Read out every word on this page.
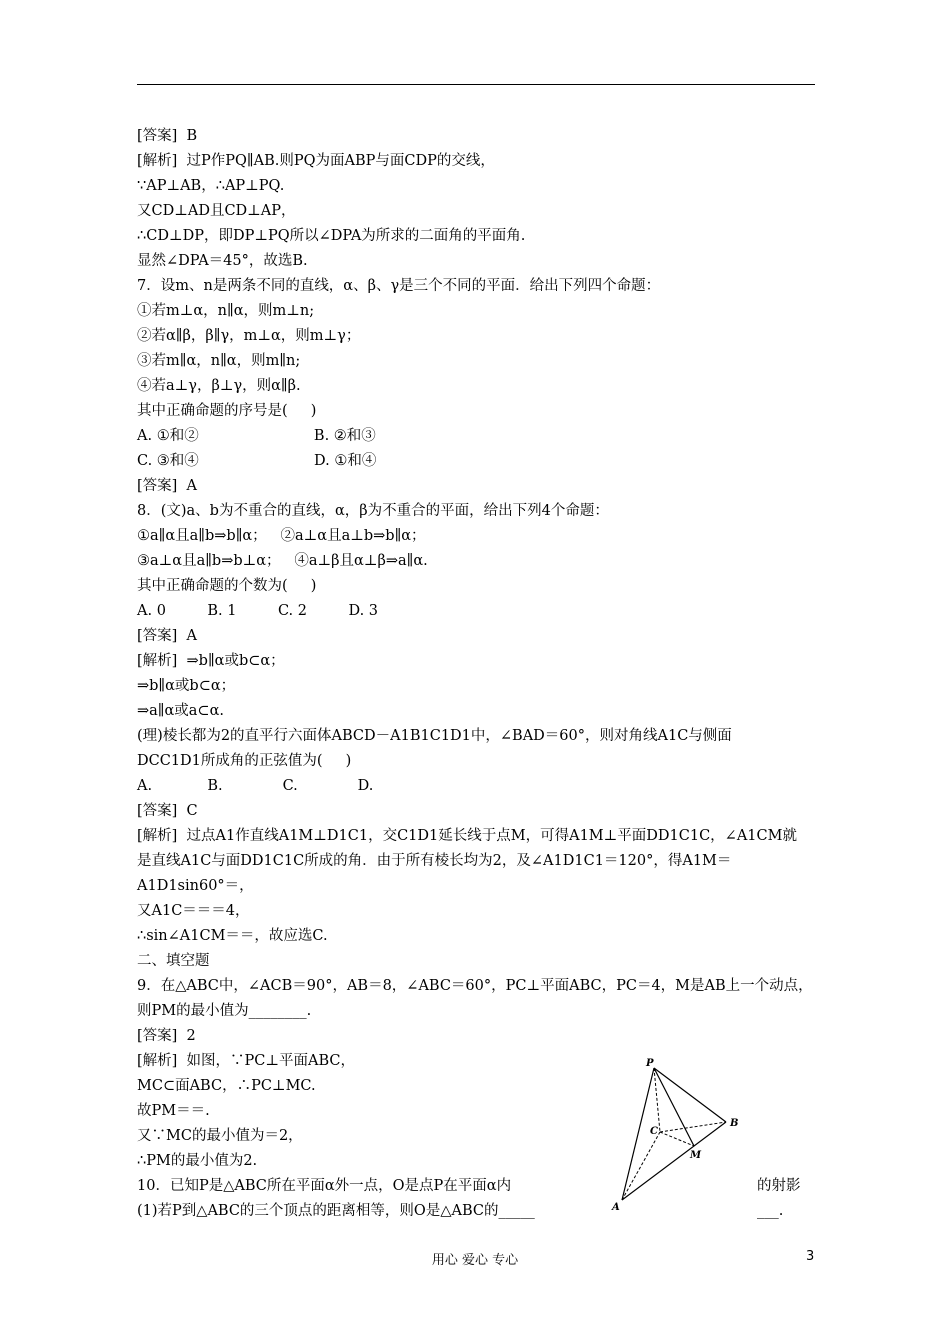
[答案]  B
[解析]  过P作PQ∥AB.则PQ为面ABP与面CDP的交线，
∵AP⊥AB，∴AP⊥PQ.
又CD⊥AD且CD⊥AP，
∴CD⊥DP，即DP⊥PQ所以∠DPA为所求的二面角的平面角.
显然∠DPA＝45°，故选B.
7．设m、n是两条不同的直线，α、β、γ是三个不同的平面．给出下列四个命题：
①若m⊥α，n∥α，则m⊥n;
②若α∥β，β∥γ，m⊥α，则m⊥γ；
③若m∥α，n∥α，则m∥n;
④若a⊥γ，β⊥γ，则α∥β.
其中正确命题的序号是(     )
A. ①和②                         B. ②和③
C. ③和④                         D. ①和④
[答案]  A
8．(文)a、b为不重合的直线，α，β为不重合的平面，给出下列4个命题：
①a∥α且a∥b⇒b∥α；   ②a⊥α且a⊥b⇒b∥α；
③a⊥α且a∥b⇒b⊥α；   ④a⊥β且α⊥β⇒a∥α.
其中正确命题的个数为(     )
A. 0         B. 1         C. 2         D. 3
[答案]  A
[解析]  ⇒b∥α或b⊂α；
⇒b∥α或b⊂α；
⇒a∥α或a⊂α.
(理)棱长都为2的直平行六面体ABCD－A1B1C1D1中，∠BAD＝60°，则对角线A1C与侧面
DCC1D1所成角的正弦值为(     )
A.            B.             C.             D.
[答案]  C
[解析]  过点A1作直线A1M⊥D1C1，交C1D1延长线于点M，可得A1M⊥平面DD1C1C，∠A1CM就
是直线A1C与面DD1C1C所成的角．由于所有棱长均为2，及∠A1D1C1＝120°，得A1M＝
A1D1sin60°＝，
又A1C＝＝＝4，
∴sin∠A1CM＝＝，故应选C.
二、填空题
9．在△ABC中，∠ACB＝90°，AB＝8，∠ABC＝60°，PC⊥平面ABC，PC＝4，M是AB上一个动点，
则PM的最小值为________.
[答案]  2
[解析]  如图，∵PC⊥平面ABC，
MC⊂面ABC，∴PC⊥MC.
故PM＝＝.
又∵MC的最小值为＝2，
∴PM的最小值为2.
10．已知P是△ABC所在平面α外一点，O是点P在平面α内
(1)若P到△ABC的三个顶点的距离相等，则O是△ABC的_____
的射影
___.
P
A
B
C
M
用心 爱心 专心	3
